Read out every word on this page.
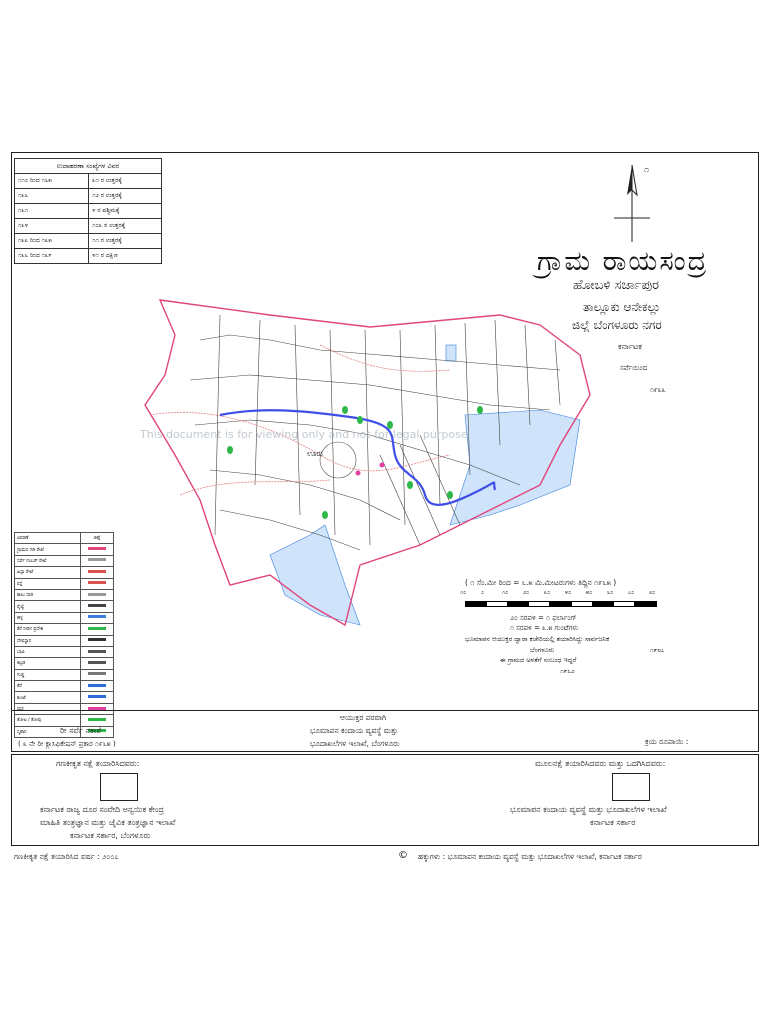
ಉದಾಹರಣಾ ಸಂಖ್ಯೆಗಳ ವಿವರ	
೧೧೦ ರಿಂದ ೧೬೫	೩೧ ರ ಉತ್ತರಕ್ಕೆ
೧೩೬	೧೨ ರ ಉತ್ತರಕ್ಕೆ
೧೩೧	೪ ರ ಪಶ್ಚಿಮಕ್ಕೆ
೧೩೪	೧೦೩ ರ ಉತ್ತರಕ್ಕೆ
೧೩೩ ರಿಂದ ೧೩೫	೧೧ ರ ಉತ್ತರಕ್ಕೆ
೧೩೬ ರಿಂದ ೧೩೯	೪೧ ರ ದಕ್ಷಿಣ
೧
ಗ್ರಾಮ ರಾಯಸಂದ್ರ
ಹೋಬಳಿ ಸರ್ಜಾಪುರ
ತಾಲ್ಲೂಕು ಆನೇಕಲ್ಲು
ಜಿಲ್ಲೆ ಬೆಂಗಳೂರು ನಗರ
ಕರ್ನಾಟಕ
ಸರ್ವೆಯಿಂದ
೧೯೩೩
ಊರು
This document is for viewing only and not for legal purpose
ವಿವರಣೆ	ಚಿಹ್ನೆ
ಗ್ರಾಮದ ಗಡಿ ರೇಖೆ	
ಸರ್ವೆ ನಂಬರ್ ರೇಖೆ	
ಹಿಸ್ಸಾ ರೇಖೆ	
ರಸ್ತೆ	
ಕಾಲು ದಾರಿ	
ರೈಲ್ವೆ	
ಹಳ್ಳ	
ಕೆರೆ ನೀರಿನ ಪ್ರದೇಶ	
ದೇವಸ್ಥಾನ	
ಬಾವಿ	
ಕಟ್ಟಡ	
ಗುಡ್ಡ	
ಕೆರೆ	
ಕುಂಟೆ	
ಮರ	
ತೋಟ / ತೋಪು	
ಸ್ಮಶಾನ	
( ೧ ಸೆಂ.ಮೀ ರಿಂದ = ೬.೫ ಮಿ.ಮೀಟರುಗಳು ತಿದ್ದಿನ ೧೯೬೫ )
೧೦	೦	೧೦	೨೦	೩೦	೪೦	೫೦	೬೦	೭೦	೮೦
೨೦ ಸರಪಳಿ = ೧ ಫರ್ಲಾಂಗ್
೧ ಸರಪಳಿ = ೩.೫ ಗುಂಟೆಗಳು
ಭೂಮಾಪನ ಆಯುಕ್ತರ ದ್ವಾರಾ ಕಚೇರಿಯಲ್ಲಿ ತಯಾರಿಸಿದ್ದು ಸಾರ್ವಜನಿಕ
೧೯೮೭
ಬೆಂಗಳೂರು
ಈ ಗ್ರಾಮದ ಅಳತೆಗೆ ಸಂಬಂಧ ಇದ್ದರೆ
೧೯೬೨
ರೀ ಸರ್ವೆ ನಕಾಶೆ
( ೩ ನೇ ರೀ ಕ್ಲಾಸಿಫಿಕೇಷನ್ ಪ್ರಕಾರ ೧೯೬೫ )
ಆಯುಕ್ತರ ಪರವಾಗಿ
ಭೂಮಾಪನ ಕಂದಾಯ ವ್ಯವಸ್ಥೆ ಮತ್ತು
ಭೂದಾಖಲೆಗಳ ಇಲಾಖೆ, ಬೆಂಗಳೂರು	ಕ್ರಯ ರೂಪಾಯಿ :
ಗಣಕೀಕೃತ ನಕ್ಷೆ ತಯಾರಿಸಿದವರು:
ಕರ್ನಾಟಕ ರಾಜ್ಯ ದೂರ ಸಂವೇದಿ ಅನ್ವಯಿಕ ಕೇಂದ್ರ
ಮಾಹಿತಿ ತಂತ್ರಜ್ಞಾನ ಮತ್ತು ಜೈವಿಕ ತಂತ್ರಜ್ಞಾನ ಇಲಾಖೆ
ಕರ್ನಾಟಕ ಸರ್ಕಾರ, ಬೆಂಗಳೂರು
ಮೂಲನಕ್ಷೆ ತಯಾರಿಸಿದವರು ಮತ್ತು ಒದಗಿಸಿದವರು:
ಭೂಮಾಪನ ಕಂದಾಯ ವ್ಯವಸ್ಥೆ ಮತ್ತು ಭೂದಾಖಲೆಗಳ ಇಲಾಖೆ
ಕರ್ನಾಟಕ ಸರ್ಕಾರ
ಗಣಕೀಕೃತ ನಕ್ಷೆ ತಯಾರಿಸಿದ ವರ್ಷ : ೨೦೦೭	© ಹಕ್ಕುಗಳು : ಭೂಮಾಪನ ಕಂದಾಯ ವ್ಯವಸ್ಥೆ ಮತ್ತು ಭೂದಾಖಲೆಗಳ ಇಲಾಖೆ, ಕರ್ನಾಟಕ ಸರ್ಕಾರ
